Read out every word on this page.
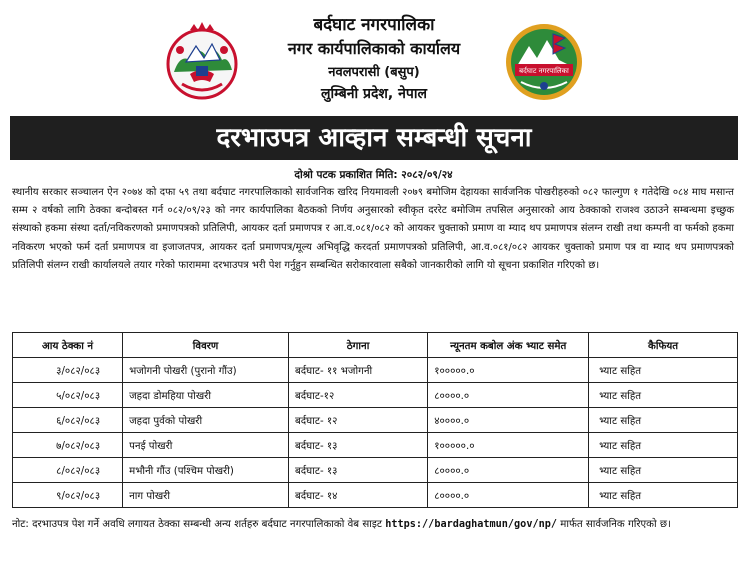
बर्दघाट नगरपालिका
नगर कार्यपालिकाको कार्यालय
नवलपरासी (बसुप)
लुम्बिनी प्रदेश, नेपाल
बर्दघाट नगरपालिका
दरभाउपत्र आव्हान सम्बन्धी सूचना
दोश्रो पटक प्रकाशित मिति: २०८२/०९/२४
स्थानीय सरकार सञ्चालन ऐन २०७४ को दफा ५९ तथा बर्दघाट नगरपालिकाको सार्वजनिक खरिद नियमावली २०७९ बमोजिम देहायका सार्वजनिक पोखरीहरुको ०८२ फाल्गुण १ गतेदेखि ०८४ माघ मसान्त सम्म २ वर्षको लागि ठेक्का बन्दोबस्त गर्न ०८२/०९/२३ को नगर कार्यपालिका बैठकको निर्णय अनुसारको स्वीकृत दररेट बमोजिम तपसिल अनुसारको आय ठेक्काको राजश्व उठाउने सम्बन्धमा इच्छुक संस्थाको हकमा संस्था दर्ता/नविकरणको प्रमाणपत्रको प्रतिलिपी, आयकर दर्ता प्रमाणपत्र र आ.व.०८१/०८२ को आयकर चुक्ताको प्रमाण वा म्याद थप प्रमाणपत्र संलग्न राखी तथा कम्पनी वा फर्मको हकमा नविकरण भएको फर्म दर्ता प्रमाणपत्र वा इजाजतपत्र, आयकर दर्ता प्रमाणपत्र/मूल्य अभिवृद्धि करदर्ता प्रमाणपत्रको प्रतिलिपी, आ.व.०८१/०८२ आयकर चुक्ताको प्रमाण पत्र वा म्याद थप प्रमाणपत्रको प्रतिलिपी संलग्न राखी कार्यालयले तयार गरेको फाराममा दरभाउपत्र भरी पेश गर्नुहुन सम्बन्धित सरोकारवाला सबैको जानकारीको लागि यो सूचना प्रकाशित गरिएको छ।
आय ठेक्का नं	विवरण	ठेगाना	न्यूनतम कबोल अंक भ्याट समेत	कैफियत
३/०८२/०८३	भजोगनी पोखरी (पुरानो गौंउ)	बर्दघाट- ११ भजोगनी	१०००००.०	भ्याट सहित
५/०८२/०८३	जहदा डोमहिया पोखरी	बर्दघाट-१२	८००००.०	भ्याट सहित
६/०८२/०८३	जहदा पुर्वको पोखरी	बर्दघाट- १२	४००००.०	भ्याट सहित
७/०८२/०८३	पनई पोखरी	बर्दघाट- १३	१०००००.०	भ्याट सहित
८/०८२/०८३	मभौनी गौंउ (पश्चिम पोखरी)	बर्दघाट- १३	८००००.०	भ्याट सहित
९/०८२/०८३	नाग पोखरी	बर्दघाट- १४	८००००.०	भ्याट सहित
नोट: दरभाउपत्र पेश गर्ने अवधि लगायत ठेक्का सम्बन्धी अन्य शर्तहरु बर्दघाट नगरपालिकाको वेब साइट https://bardaghatmun/gov/np/ मार्फत सार्वजनिक गरिएको छ।
